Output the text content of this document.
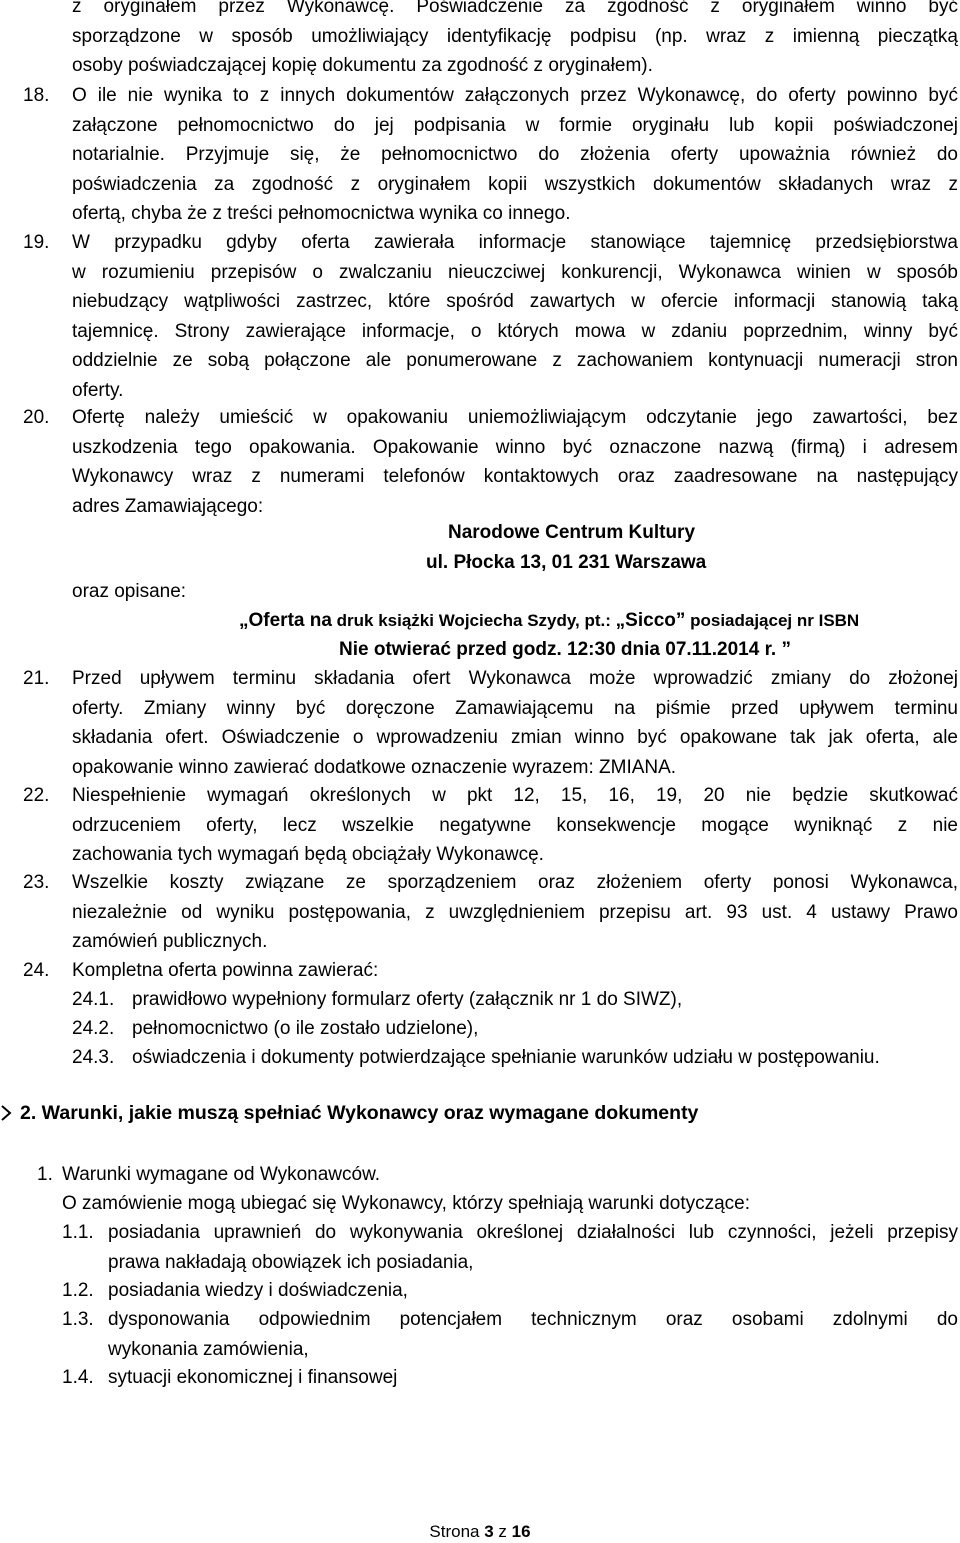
z oryginałem przez Wykonawcę. Poświadczenie za zgodność z oryginałem winno być
sporządzone w sposób umożliwiający identyfikację podpisu (np. wraz z imienną pieczątką
osoby poświadczającej kopię dokumentu za zgodność z oryginałem).
18. O ile nie wynika to z innych dokumentów załączonych przez Wykonawcę, do oferty powinno być
załączone pełnomocnictwo do jej podpisania w formie oryginału lub kopii poświadczonej
notarialnie. Przyjmuje się, że pełnomocnictwo do złożenia oferty upoważnia również do
poświadczenia za zgodność z oryginałem kopii wszystkich dokumentów składanych wraz z
ofertą, chyba że z treści pełnomocnictwa wynika co innego.
19. W przypadku gdyby oferta zawierała informacje stanowiące tajemnicę przedsiębiorstwa
w rozumieniu przepisów o zwalczaniu nieuczciwej konkurencji, Wykonawca winien w sposób
niebudzący wątpliwości zastrzec, które spośród zawartych w ofercie informacji stanowią taką
tajemnicę. Strony zawierające informacje, o których mowa w zdaniu poprzednim, winny być
oddzielnie ze sobą połączone ale ponumerowane z zachowaniem kontynuacji numeracji stron
oferty.
20. Ofertę należy umieścić w opakowaniu uniemożliwiającym odczytanie jego zawartości, bez
uszkodzenia tego opakowania. Opakowanie winno być oznaczone nazwą (firmą) i adresem
Wykonawcy wraz z numerami telefonów kontaktowych oraz zaadresowane na następujący
adres Zamawiającego:
Narodowe Centrum Kultury
ul. Płocka 13, 01 231 Warszawa
oraz opisane:
„Oferta na druk książki Wojciecha Szydy, pt.: „Sicco” posiadającej nr ISBN
Nie otwierać przed godz. 12:30 dnia 07.11.2014 r. ”
21. Przed upływem terminu składania ofert Wykonawca może wprowadzić zmiany do złożonej
oferty. Zmiany winny być doręczone Zamawiającemu na piśmie przed upływem terminu
składania ofert. Oświadczenie o wprowadzeniu zmian winno być opakowane tak jak oferta, ale
opakowanie winno zawierać dodatkowe oznaczenie wyrazem: ZMIANA.
22. Niespełnienie wymagań określonych w pkt 12, 15, 16, 19, 20 nie będzie skutkować
odrzuceniem oferty, lecz wszelkie negatywne konsekwencje mogące wyniknąć z nie
zachowania tych wymagań będą obciążały Wykonawcę.
23. Wszelkie koszty związane ze sporządzeniem oraz złożeniem oferty ponosi Wykonawca,
niezależnie od wyniku postępowania, z uwzględnieniem przepisu art. 93 ust. 4 ustawy Prawo
zamówień publicznych.
24. Kompletna oferta powinna zawierać:
24.1. prawidłowo wypełniony formularz oferty (załącznik nr 1 do SIWZ),
24.2. pełnomocnictwo (o ile zostało udzielone),
24.3. oświadczenia i dokumenty potwierdzające spełnianie warunków udziału w postępowaniu.
2. Warunki, jakie muszą spełniać Wykonawcy oraz wymagane dokumenty
1. Warunki wymagane od Wykonawców.
O zamówienie mogą ubiegać się Wykonawcy, którzy spełniają warunki dotyczące:
1.1. posiadania uprawnień do wykonywania określonej działalności lub czynności, jeżeli przepisy
prawa nakładają obowiązek ich posiadania,
1.2. posiadania wiedzy i doświadczenia,
1.3. dysponowania odpowiednim potencjałem technicznym oraz osobami zdolnymi do
wykonania zamówienia,
1.4. sytuacji ekonomicznej i finansowej
Strona 3 z 16
